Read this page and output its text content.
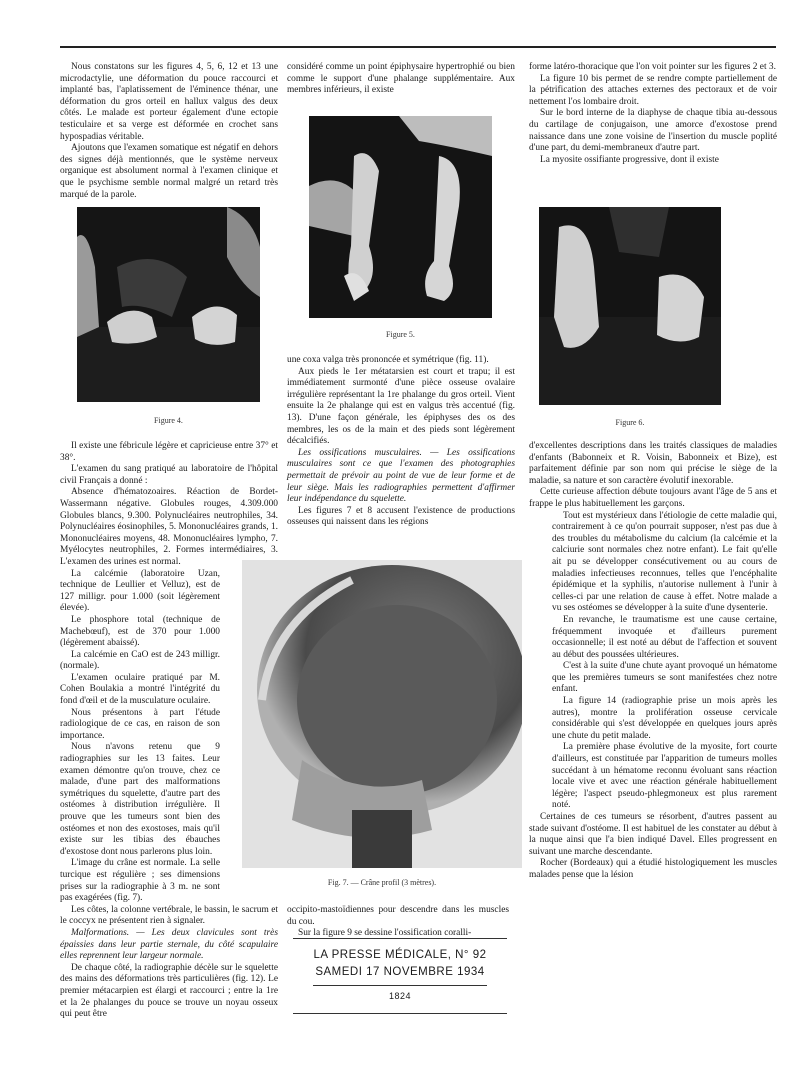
Nous constatons sur les figures 4, 5, 6, 12 et 13 une microdactylie, une déformation du pouce raccourci et implanté bas, l'aplatissement de l'éminence thénar, une déformation du gros orteil en hallux valgus des deux côtés. Le malade est porteur également d'une ectopie testiculaire et sa verge est déformée en crochet sans hypospadias véritable.

Ajoutons que l'examen somatique est négatif en dehors des signes déjà mentionnés, que le système nerveux organique est absolument normal à l'examen clinique et que le psychisme semble normal malgré un retard très marqué de la parole.

Figure 4.

Il existe une fébricule légère et capricieuse entre 37° et 38°.

L'examen du sang pratiqué au laboratoire de l'hôpital civil Français a donné :

Absence d'hématozoaires. Réaction de Bordet-Wassermann négative. Globules rouges, 4.309.000 Globules blancs, 9.300. Polynucléaires neutrophiles, 34. Polynucléaires éosinophiles, 5. Mononucléaires grands, 1. Mononucléaires moyens, 48. Mononucléaires lympho, 7. Myélocytes neutrophiles, 2. Formes intermédiaires, 3. L'examen des urines est normal.

La calcémie (laboratoire Uzan, technique de Leullier et Velluz), est de 127 milligr. pour 1.000 (soit légèrement élevée).

Le phosphore total (technique de Machebœuf), est de 370 pour 1.000 (légèrement abaissé).

La calcémie en CaO est de 243 milligr. (normale).

L'examen oculaire pratiqué par M. Cohen Boulakia a montré l'intégrité du fond d'œil et de la musculature oculaire.

Nous présentons à part l'étude radiologique de ce cas, en raison de son importance.

Nous n'avons retenu que 9 radiographies sur les 13 faites. Leur examen démontre qu'on trouve, chez ce malade, d'une part des malformations symétriques du squelette, d'autre part des ostéomes à distribution irrégulière. Il prouve que les tumeurs sont bien des ostéomes et non des exostoses, mais qu'il existe sur les tibias des ébauches d'exostose dont nous parlerons plus loin.

L'image du crâne est normale. La selle turcique est régulière ; ses dimensions prises sur la radiographie à 3 m. ne sont pas exagérées (fig. 7).

Les côtes, la colonne vertébrale, le bassin, le sacrum et le coccyx ne présentent rien à signaler.

Malformations. — Les deux clavicules sont très épaissies dans leur partie sternale, du côté scapulaire elles reprennent leur largeur normale.

De chaque côté, la radiographie décèle sur le squelette des mains des déformations très particulières (fig. 12). Le premier métacarpien est élargi et raccourci ; entre la 1re et la 2e phalanges du pouce se trouve un noyau osseux qui peut être

considéré comme un point épiphysaire hypertrophié ou bien comme le support d'une phalange supplémentaire. Aux membres inférieurs, il existe

Figure 5.

une coxa valga très prononcée et symétrique (fig. 11).

Aux pieds le 1er métatarsien est court et trapu; il est immédiatement surmonté d'une pièce osseuse ovalaire irrégulière représentant la 1re phalange du gros orteil. Vient ensuite la 2e phalange qui est en valgus très accentué (fig. 13). D'une façon générale, les épiphyses des os des membres, les os de la main et des pieds sont légèrement décalcifiés.

Les ossifications musculaires. — Les ossifications musculaires sont ce que l'examen des photographies permettait de prévoir au point de vue de leur forme et de leur siège. Mais les radiographies permettent d'affirmer leur indépendance du squelette.

Les figures 7 et 8 accusent l'existence de productions osseuses qui naissent dans les régions

Fig. 7. — Crâne profil (3 mètres).

occipito-mastoïdiennes pour descendre dans les muscles du cou.

Sur la figure 9 se dessine l'ossification coralli-

LA PRESSE MÉDICALE, N° 92
SAMEDI 17 NOVEMBRE 1934
1824

forme latéro-thoracique que l'on voit pointer sur les figures 2 et 3.

La figure 10 bis permet de se rendre compte partiellement de la pétrification des attaches externes des pectoraux et de voir nettement l'os lombaire droit.

Sur le bord interne de la diaphyse de chaque tibia au-dessous du cartilage de conjugaison, une amorce d'exostose prend naissance dans une zone voisine de l'insertion du muscle poplité d'une part, du demi-membraneux d'autre part.

La myosite ossifiante progressive, dont il existe

Figure 6.

d'excellentes descriptions dans les traités classiques de maladies d'enfants (Babonneix et R. Voisin, Babonneix et Bize), est parfaitement définie par son nom qui précise le siège de la maladie, sa nature et son caractère évolutif inexorable.

Cette curieuse affection débute toujours avant l'âge de 5 ans et frappe le plus habituellement les garçons.

Tout est mystérieux dans l'étiologie de cette maladie qui, contrairement à ce qu'on pourrait supposer, n'est pas due à des troubles du métabolisme du calcium (la calcémie et la calciurie sont normales chez notre enfant). Le fait qu'elle ait pu se développer consécutivement ou au cours de maladies infectieuses reconnues, telles que l'encéphalite épidémique et la syphilis, n'autorise nullement à l'unir à celles-ci par une relation de cause à effet. Notre malade a vu ses ostéomes se développer à la suite d'une dysenterie.

En revanche, le traumatisme est une cause certaine, fréquemment invoquée et d'ailleurs purement occasionnelle; il est noté au début de l'affection et souvent au début des poussées ultérieures.

C'est à la suite d'une chute ayant provoqué un hématome que les premières tumeurs se sont manifestées chez notre enfant.

La figure 14 (radiographie prise un mois après les autres), montre la prolifération osseuse cervicale considérable qui s'est développée en quelques jours après une chute du petit malade.

La première phase évolutive de la myosite, fort courte d'ailleurs, est constituée par l'apparition de tumeurs molles succédant à un hématome reconnu évoluant sans réaction locale vive et avec une réaction générale habituellement légère; l'aspect pseudo-phlegmoneux est plus rarement noté.

Certaines de ces tumeurs se résorbent, d'autres passent au stade suivant d'ostéome. Il est habituel de les constater au début à la nuque ainsi que l'a bien indiqué Davel. Elles progressent en suivant une marche descendante.

Rocher (Bordeaux) qui a étudié histologiquement les muscles malades pense que la lésion
